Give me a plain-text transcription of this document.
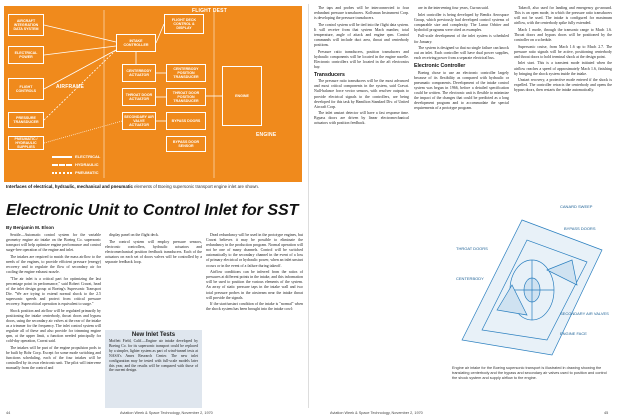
FLIGHT DEST
AIRFRAME
ENGINE
AIRCRAFT INTEGRATION DATA SYSTEM
ELECTRICAL POWER
FLIGHT CONTROLS
PRESSURE TRANSDUCER
PNEUMATIC / HYDRAULIC SUPPLIES
FLIGHT DECK CONTROL & DISPLAY
INTAKE CONTROLLER
CENTERBODY ACTUATOR
CENTERBODY POSITION TRANSDUCER
THROAT DOOR ACTUATOR
THROAT DOOR POSITION TRANSDUCER
SECONDARY AIR VALVE ACTUATOR
BYPASS DOORS
BYPASS DOOR SENSOR
ENGINE
ELECTRICAL
HYDRAULIC
PNEUMATIC
Interfaces of electrical, hydraulic, mechanical and pneumatic elements of Boeing supersonic transport engine inlet are shown.
Electronic Unit to Control Inlet for SST
By Benjamin M. Elson

Seattle—Automatic control system for the variable geometry engine air intake on the Boeing Co. supersonic transport will help optimize engine performance and control surge-free operation of the engine and inlet.

The intakes are required to match the mass airflow to the needs of the engines, to provide efficient pressure (energy) recovery and to regulate the flow of secondary air for cooling the engine exhaust nozzle.

"The air inlet is a critical part for optimizing the last percentage point in performance," said Robert Cravat, head of the inlet design group at Boeing's Supersonic Transport Div. "We are trying to extend normal shock to the 2.5 supersonic speeds and protect from critical pressure recovery. Supercritical operation is equivalent to surge."

Shock position and airflow will be regulated primarily by positioning the intake centerbody, throat doors and bypass doors, using the secondary air valves at the rear of the intake as a trimmer for the frequency. The inlet control system will regulate all of these and also provide for trimming engine rpm, at the upper limit, a function needed principally for cold-day operation, Cravat said.

The intakes will be part of the engine propulsion pods to be built by Rohr Corp. Except for some mode switching and functions scheduling, each of the four intakes will be controlled by its own electronic unit. The pilot will intervene manually from the control and

display panel on the flight deck.

The control system will employ pressure sensors, electronic controllers, hydraulic actuators and electromechanical position feedback transducers. Each of the actuators on each set of doors valves will be controlled by a separate feedback loop.

New Inlet Tests
Moffett Field, Calif.—Engine air intake developed by Boeing Co. for its supersonic transport could be replaced by a simpler, lighter system as part of wind-tunnel tests at NASA's Ames Research Center. The new inlet configuration may be tested with full-scale models later this year, and the results will be compared with those of the current design.

Dead redundancy will be used in the prototype engines, but Cravat believes it may be possible to eliminate the redundancy in the production program. Normal operation will not be one of many channels. Control will be switched automatically to the secondary channel in the event of a loss of primary electrical or hydraulic power, when an inlet unstart occurs or in the event of a failure during takeoff.

Airflow conditions can be inferred from the ratios of pressures at different points in the intake, and this information will be used to position the various elements of the system. An array of static pressure taps in the intake wall and two total pressure probes in the airstream near the intake throat will provide the signals.

If the start/unstart condition of the intake is "normal" when the shock system has been brought into the intake cowl:

44	Aviation Week & Space Technology, November 2, 1970

The taps and probes will be interconnected to four redundant pressure transducers. Kollsman Instrument Corp. is developing the pressure transducers.

The control system will be tied into the flight data system. It will receive from that system Mach number, total temperature, angle of attack and engine rpm. Control commands will include duct area, throat and centerbody positions.

Pressure ratio transducers, position transducers and hydraulic components will be located in the engine nacelle. Electronic controllers will be located in the aft electronics bay.

Transducers

The pressure ratio transducers will be the most advanced and most critical components in the system, said Cravat. Null-balance force vector sensors, with resolver outputs to provide electrical signals to the controllers, are being developed for this task by Hamilton Standard Div. of United Aircraft Corp.

The inlet unstart detector will have a fast response time. Bypass doors are driven by linear electromechanical actuators with position feedback.

are in the intervening four years, Curran said.

Inlet controller is being developed by Bendix Aerospace Group, which previously had developed control systems of comparable size and complexity. The Lunar Orbiter and hydrofoil programs were cited as examples.

Full-scale development of the inlet system is scheduled for January.

The system is designed so that no single failure can knock out an inlet. Each controller will have dual power supplies, each receiving power from a separate electrical bus.

Electronic Controller

Boeing chose to use an electronic controller largely because of its flexibility as compared with hydraulic or pneumatic components. Development of the intake control system was begun in 1966, before a detailed specification could be written. The electronic unit is flexible to minimize the impact of the changes that could be predicted as a long development program and to accommodate the special requirements of a prototype program.

Takeoff, also used for landing and emergency go-around. This is an open mode, in which the pressure ratio transducers will not be used. The intake is configured for maximum airflow, with the centerbody spike fully extended.

Mach 1 mode, through the transonic range to Mach 1.6. Throat doors and bypass doors will be positioned by the controller on a schedule.

Supersonic cruise, from Mach 1.6 up to Mach 2.7. The pressure ratio signals will be active, positioning centerbody and throat doors to hold terminal shock at the design point.

Inlet start. This is a transient mode initiated when the airflow reaches a speed of approximately Mach 1.6, finishing by bringing the shock system inside the intake.

Unstart recovery, a protective mode entered if the shock is expelled. The controller retracts the centerbody and opens the bypass doors, then restarts the intake automatically.

CANARD SWEEP
BYPASS DOORS
THROAT DOORS
CENTERBODY
SECONDARY AIR VALVES
ENGINE FACE
Engine air intake for the Boeing supersonic transport is illustrated in drawing showing the translating centerbody and the bypass and secondary air valves used to position and control the shock system and supply airflow to the engine.
Aviation Week & Space Technology, November 2, 1970	45
